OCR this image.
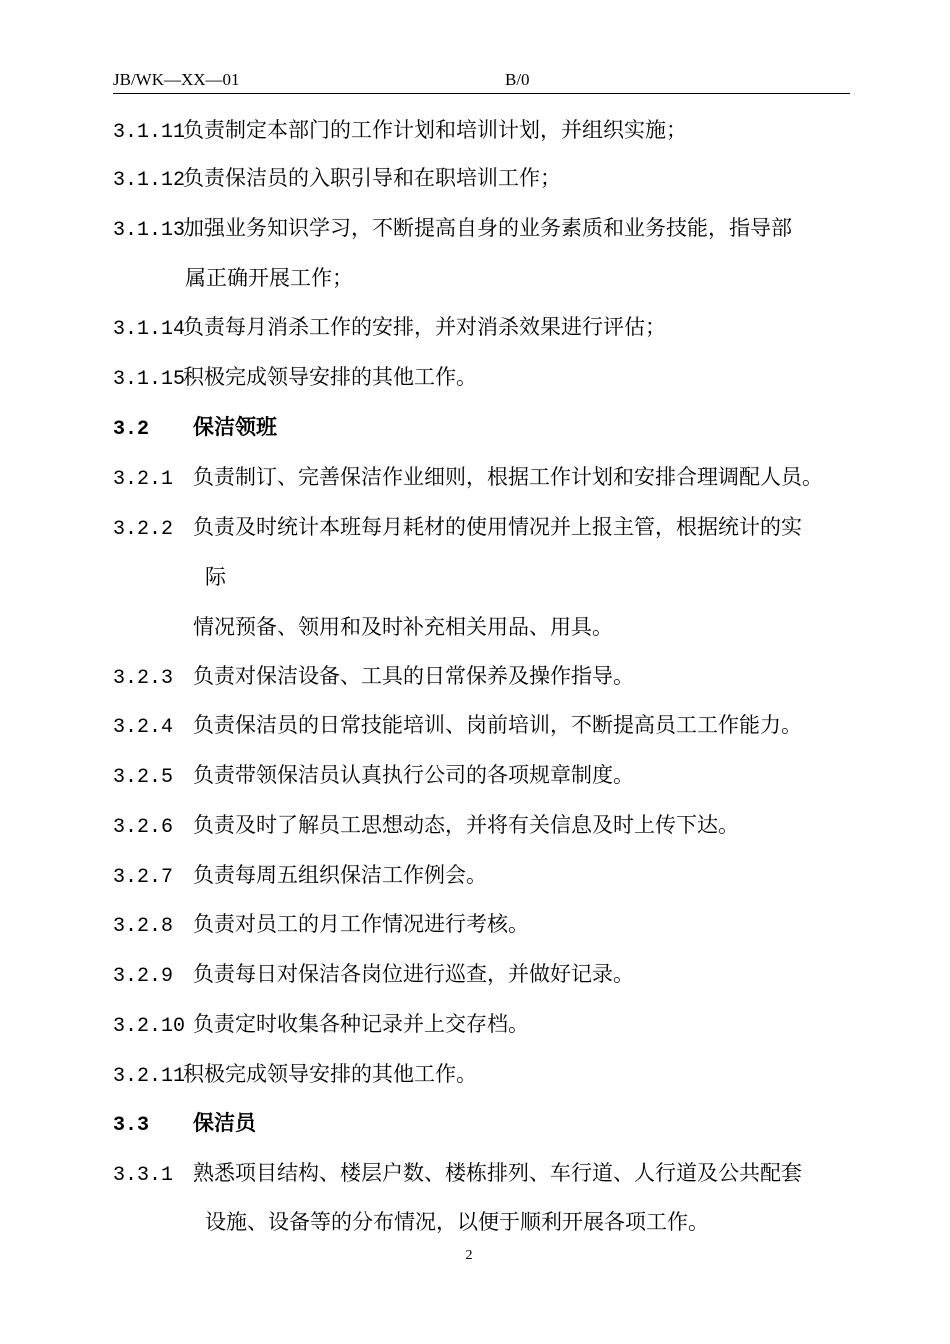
JB/WK—XX—01	B/0
3.1.11负责制定本部门的工作计划和培训计划，并组织实施；
3.1.12负责保洁员的入职引导和在职培训工作；
3.1.13加强业务知识学习，不断提高自身的业务素质和业务技能，指导部
属正确开展工作；
3.1.14负责每月消杀工作的安排，并对消杀效果进行评估；
3.1.15积极完成领导安排的其他工作。
3.2 保洁领班
3.2.1 负责制订、完善保洁作业细则，根据工作计划和安排合理调配人员。
3.2.2 负责及时统计本班每月耗材的使用情况并上报主管，根据统计的实
际
情况预备、领用和及时补充相关用品、用具。
3.2.3 负责对保洁设备、工具的日常保养及操作指导。
3.2.4 负责保洁员的日常技能培训、岗前培训，不断提高员工工作能力。
3.2.5 负责带领保洁员认真执行公司的各项规章制度。
3.2.6 负责及时了解员工思想动态，并将有关信息及时上传下达。
3.2.7 负责每周五组织保洁工作例会。
3.2.8 负责对员工的月工作情况进行考核。
3.2.9 负责每日对保洁各岗位进行巡查，并做好记录。
3.2.10 负责定时收集各种记录并上交存档。
3.2.11积极完成领导安排的其他工作。
3.3 保洁员
3.3.1 熟悉项目结构、楼层户数、楼栋排列、车行道、人行道及公共配套
设施、设备等的分布情况，以便于顺利开展各项工作。
2
